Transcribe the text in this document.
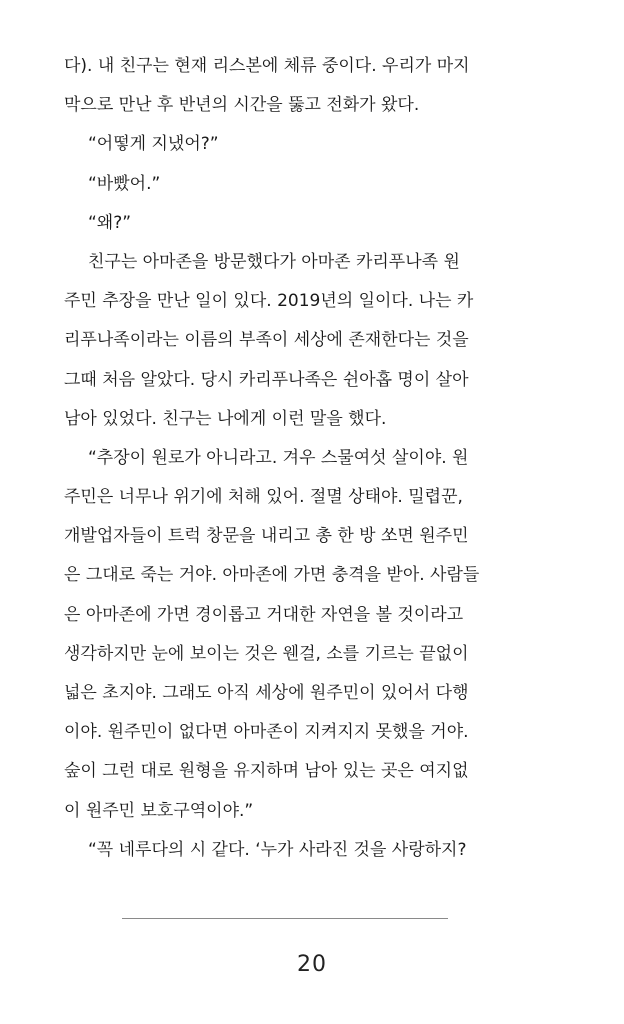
다). 내 친구는 현재 리스본에 체류 중이다. 우리가 마지
막으로 만난 후 반년의 시간을 뚫고 전화가 왔다.
“어떻게 지냈어?”
“바빴어.”
“왜?”
친구는 아마존을 방문했다가 아마존 카리푸나족 원
주민 추장을 만난 일이 있다. 2019년의 일이다. 나는 카
리푸나족이라는 이름의 부족이 세상에 존재한다는 것을
그때 처음 알았다. 당시 카리푸나족은 쉰아홉 명이 살아
남아 있었다. 친구는 나에게 이런 말을 했다.
“추장이 원로가 아니라고. 겨우 스물여섯 살이야. 원
주민은 너무나 위기에 처해 있어. 절멸 상태야. 밀렵꾼,
개발업자들이 트럭 창문을 내리고 총 한 방 쏘면 원주민
은 그대로 죽는 거야. 아마존에 가면 충격을 받아. 사람들
은 아마존에 가면 경이롭고 거대한 자연을 볼 것이라고
생각하지만 눈에 보이는 것은 웬걸, 소를 기르는 끝없이
넓은 초지야. 그래도 아직 세상에 원주민이 있어서 다행
이야. 원주민이 없다면 아마존이 지켜지지 못했을 거야.
숲이 그런 대로 원형을 유지하며 남아 있는 곳은 여지없
이 원주민 보호구역이야.”
“꼭 네루다의 시 같다. ‘누가 사라진 것을 사랑하지?
20
